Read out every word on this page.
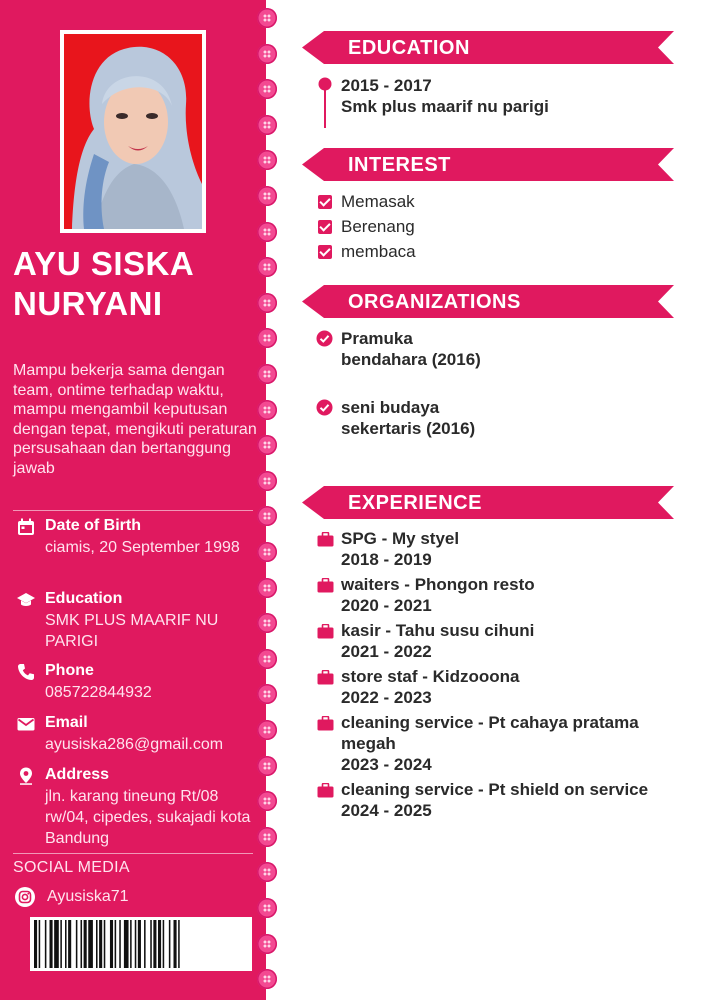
AYU SISKA
NURYANI
Mampu bekerja sama dengan team, ontime terhadap waktu, mampu mengambil keputusan dengan tepat, mengikuti peraturan persusahaan dan bertanggung jawab
Date of Birth
ciamis, 20 September 1998
Education
SMK PLUS MAARIF NU PARIGI
Phone
085722844932
Email
ayusiska286@gmail.com
Address
jln. karang tineung Rt/08 rw/04, cipedes, sukajadi kota Bandung
SOCIAL MEDIA
Ayusiska71
EDUCATION
2015 - 2017
Smk plus maarif nu parigi
INTEREST
Memasak
Berenang
membaca
ORGANIZATIONS
Pramuka
bendahara (2016)
seni budaya
sekertaris (2016)
EXPERIENCE
SPG - My styel
2018 - 2019
waiters - Phongon resto
2020 - 2021
kasir - Tahu susu cihuni
2021 - 2022
store staf - Kidzooona
2022 - 2023
cleaning service - Pt cahaya pratama megah
2023 - 2024
cleaning service - Pt shield on service
2024 - 2025
